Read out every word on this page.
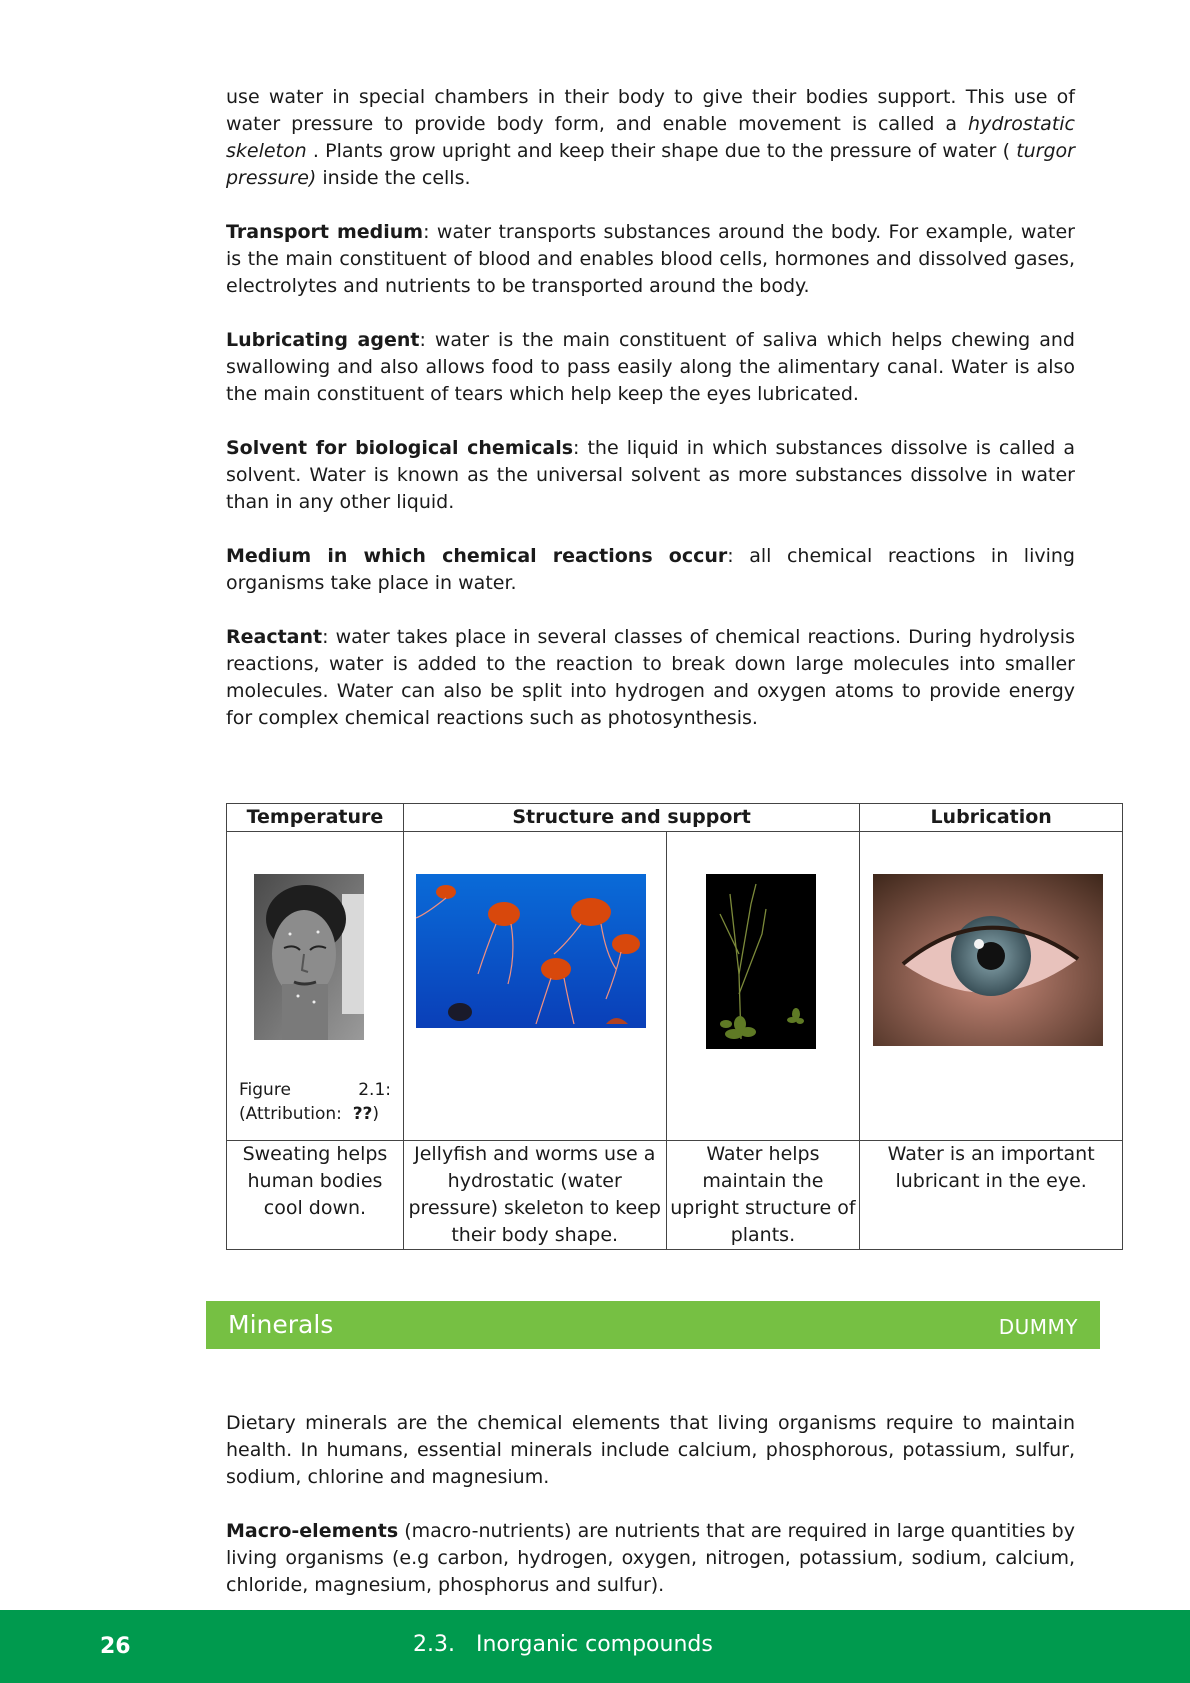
use water in special chambers in their body to give their bodies support. This use of water pressure to provide body form, and enable movement is called a hydrostatic skeleton . Plants grow upright and keep their shape due to the pressure of water ( turgor pressure) inside the cells.

Transport medium: water transports substances around the body. For example, water is the main constituent of blood and enables blood cells, hormones and dissolved gases, electrolytes and nutrients to be transported around the body.

Lubricating agent: water is the main constituent of saliva which helps chewing and swallowing and also allows food to pass easily along the alimentary canal. Water is also the main constituent of tears which help keep the eyes lubricated.

Solvent for biological chemicals: the liquid in which substances dissolve is called a solvent. Water is known as the universal solvent as more substances dissolve in water than in any other liquid.

Medium in which chemical reactions occur: all chemical reactions in living organisms take place in water.

Reactant: water takes place in several classes of chemical reactions. During hydrolysis reactions, water is added to the reaction to break down large molecules into smaller molecules. Water can also be split into hydrogen and oxygen atoms to provide energy for complex chemical reactions such as photosynthesis.

Temperature	Structure and support		Lubrication

Figure 2.1:
(Attribution: ??)

Sweating helps human bodies cool down.	Jellyfish and worms use a hydrostatic (water pressure) skeleton to keep their body shape.	Water helps maintain the upright structure of plants.	Water is an important lubricant in the eye.
Minerals	DUMMY

Dietary minerals are the chemical elements that living organisms require to maintain health. In humans, essential minerals include calcium, phosphorous, potassium, sulfur, sodium, chlorine and magnesium.

Macro-elements (macro-nutrients) are nutrients that are required in large quantities by living organisms (e.g carbon, hydrogen, oxygen, nitrogen, potassium, sodium, calcium, chloride, magnesium, phosphorus and sulfur).

26	2.3.   Inorganic compounds
